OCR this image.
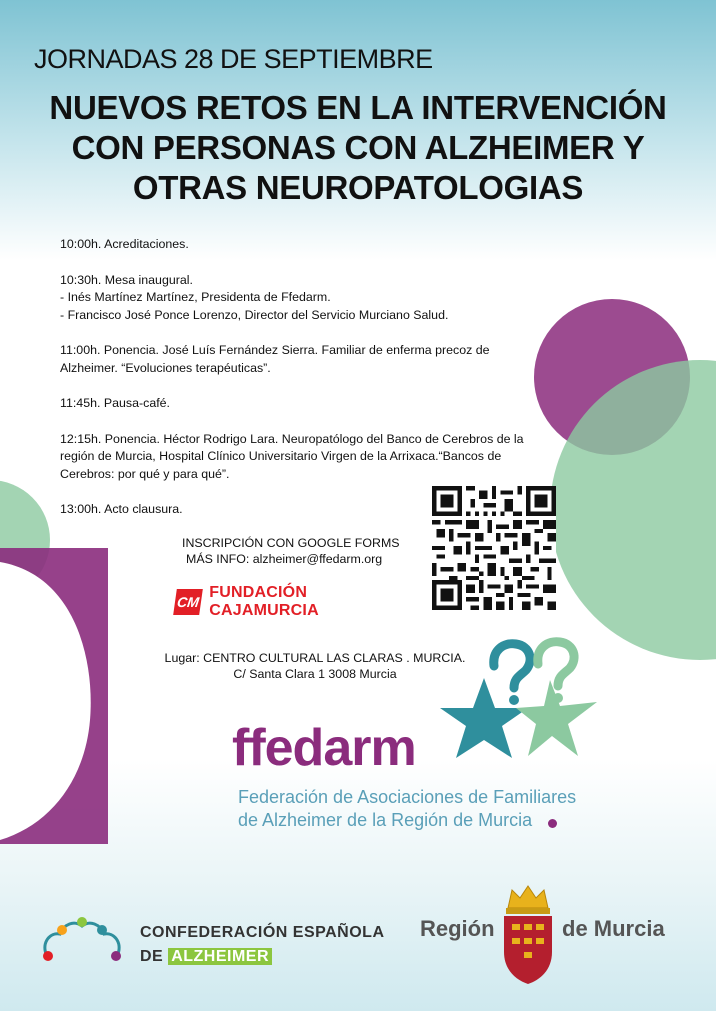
JORNADAS 28 DE SEPTIEMBRE
NUEVOS RETOS EN LA INTERVENCIÓN
CON PERSONAS CON ALZHEIMER Y
OTRAS NEUROPATOLOGIAS

10:00h. Acreditaciones.

10:30h. Mesa inaugural.
- Inés Martínez Martínez, Presidenta de Ffedarm.
- Francisco José Ponce Lorenzo, Director del Servicio Murciano Salud.

11:00h. Ponencia. José Luís Fernández Sierra. Familiar de enferma precoz de
Alzheimer. “Evoluciones terapéuticas”.

11:45h. Pausa-café.

12:15h. Ponencia. Héctor Rodrigo Lara. Neuropatólogo del Banco de Cerebros de la
región de Murcia, Hospital Clínico Universitario Virgen de la Arrixaca.“Bancos de
Cerebros: por qué y para qué”.

13:00h. Acto clausura.

INSCRIPCIÓN CON GOOGLE FORMS
MÁS INFO: alzheimer@ffedarm.org
CM
FUNDACIÓN CAJAMURCIA
Lugar: CENTRO CULTURAL LAS CLARAS . MURCIA.
C/ Santa Clara 1 3008 Murcia
ffedarm
Federación de Asociaciones de Familiares
de Alzheimer de la Región de Murcia
CONFEDERACIÓN ESPAÑOLA
DE ALZHEIMER
Región	de Murcia
